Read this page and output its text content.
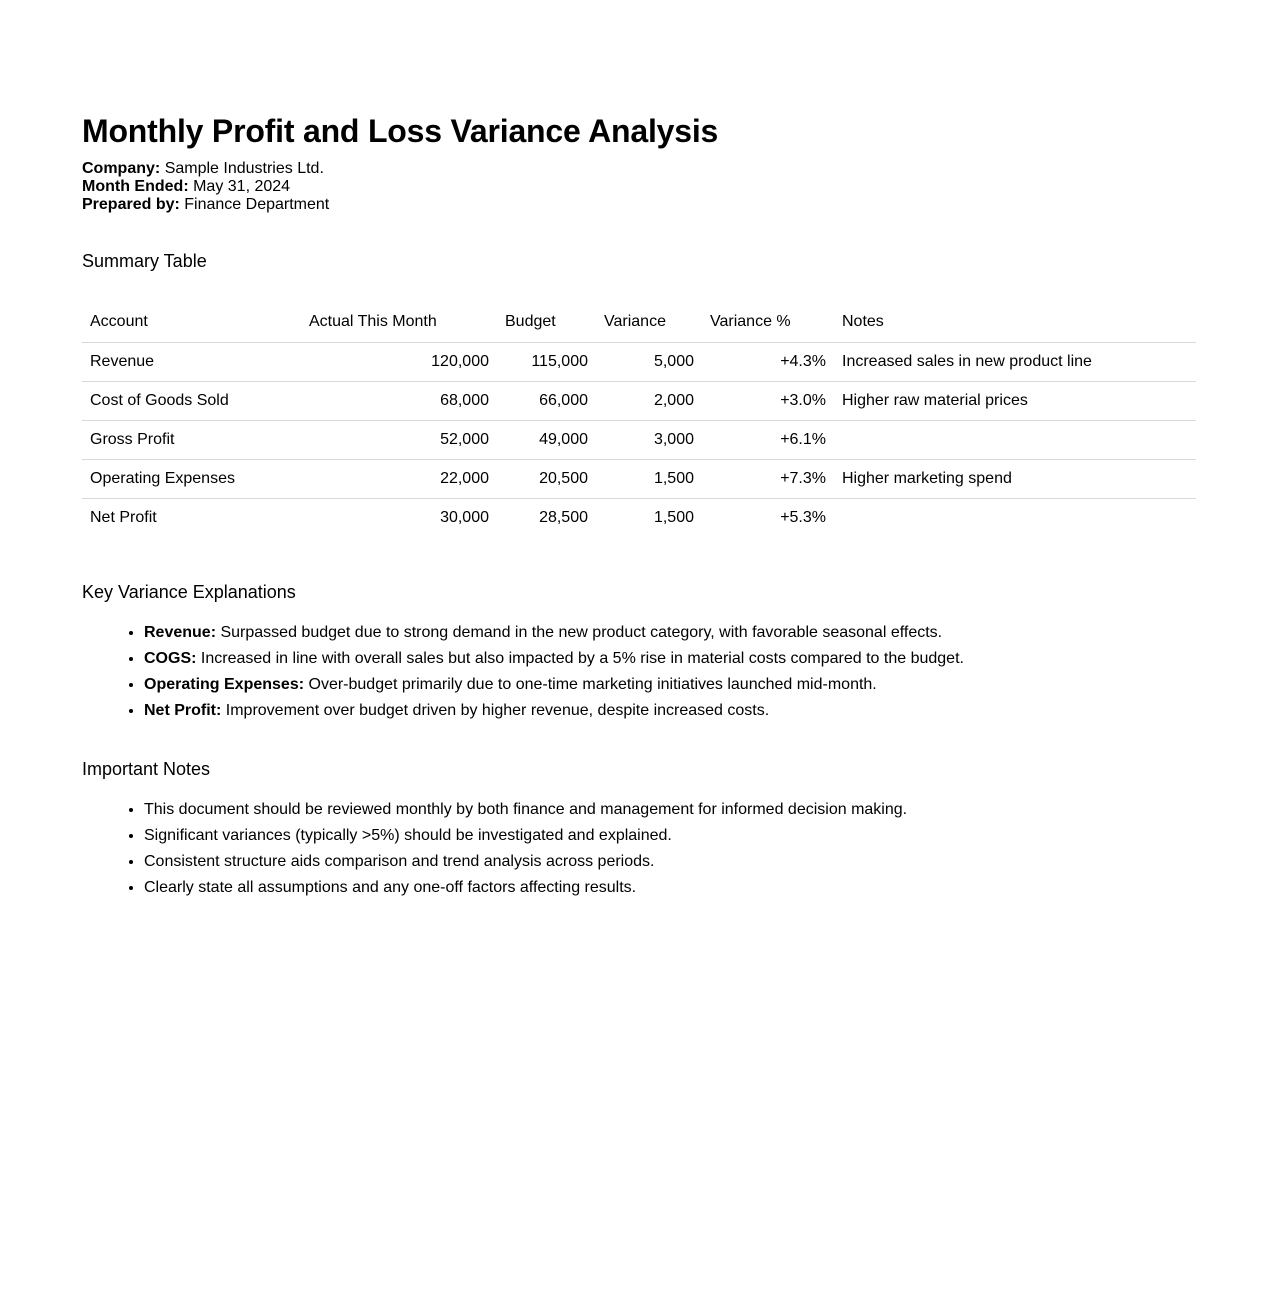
Monthly Profit and Loss Variance Analysis
Company: Sample Industries Ltd.
Month Ended: May 31, 2024
Prepared by: Finance Department
Summary Table
Account	Actual This Month	Budget	Variance	Variance %	Notes
Revenue	120,000	115,000	5,000	+4.3%	Increased sales in new product line
Cost of Goods Sold	68,000	66,000	2,000	+3.0%	Higher raw material prices
Gross Profit	52,000	49,000	3,000	+6.1%	
Operating Expenses	22,000	20,500	1,500	+7.3%	Higher marketing spend
Net Profit	30,000	28,500	1,500	+5.3%	
Key Variance Explanations
• Revenue: Surpassed budget due to strong demand in the new product category, with favorable seasonal effects.
• COGS: Increased in line with overall sales but also impacted by a 5% rise in material costs compared to the budget.
• Operating Expenses: Over-budget primarily due to one-time marketing initiatives launched mid-month.
• Net Profit: Improvement over budget driven by higher revenue, despite increased costs.
Important Notes
• This document should be reviewed monthly by both finance and management for informed decision making.
• Significant variances (typically >5%) should be investigated and explained.
• Consistent structure aids comparison and trend analysis across periods.
• Clearly state all assumptions and any one-off factors affecting results.
